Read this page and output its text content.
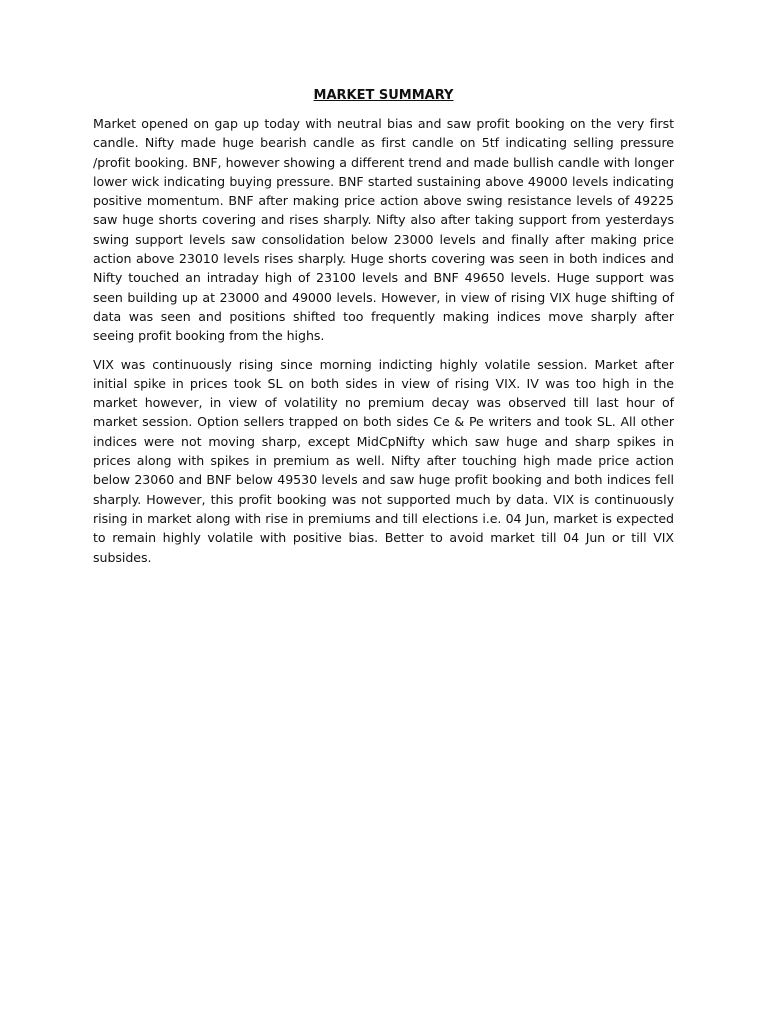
MARKET SUMMARY

Market opened on gap up today with neutral bias and saw profit booking on the very first candle. Nifty made huge bearish candle as first candle on 5tf indicating selling pressure /profit booking. BNF, however showing a different trend and made bullish candle with longer lower wick indicating buying pressure. BNF started sustaining above 49000 levels indicating positive momentum. BNF after making price action above swing resistance levels of 49225 saw huge shorts covering and rises sharply. Nifty also after taking support from yesterdays swing support levels saw consolidation below 23000 levels and finally after making price action above 23010 levels rises sharply. Huge shorts covering was seen in both indices and Nifty touched an intraday high of 23100 levels and BNF 49650 levels. Huge support was seen building up at 23000 and 49000 levels. However, in view of rising VIX huge shifting of data was seen and positions shifted too frequently making indices move sharply after seeing profit booking from the highs.

VIX was continuously rising since morning indicting highly volatile session. Market after initial spike in prices took SL on both sides in view of rising VIX. IV was too high in the market however, in view of volatility no premium decay was observed till last hour of market session. Option sellers trapped on both sides Ce & Pe writers and took SL. All other indices were not moving sharp, except MidCpNifty which saw huge and sharp spikes in prices along with spikes in premium as well. Nifty after touching high made price action below 23060 and BNF below 49530 levels and saw huge profit booking and both indices fell sharply. However, this profit booking was not supported much by data. VIX is continuously rising in market along with rise in premiums and till elections i.e. 04 Jun, market is expected to remain highly volatile with positive bias. Better to avoid market till 04 Jun or till VIX subsides.
